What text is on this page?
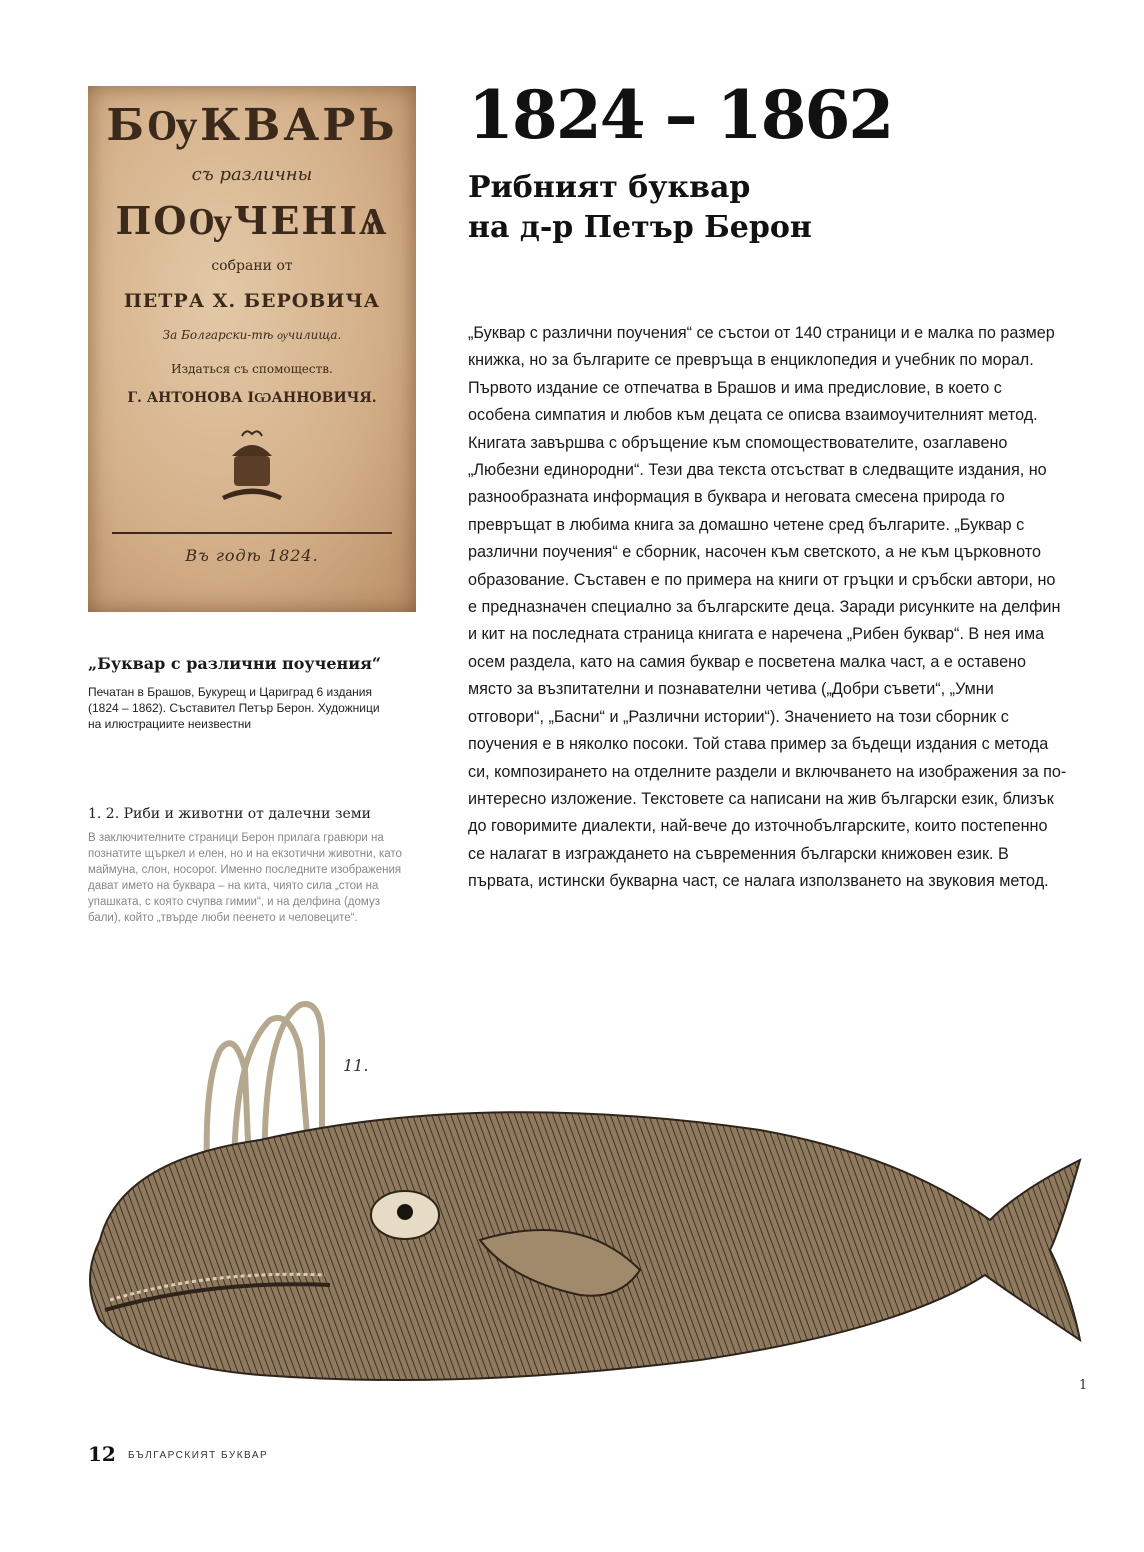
БѸКВАРЬ
съ различны
ПОѸЧЕНІѦ
собрани от
ПЕТРА Х. БЕРОВИЧА
За Болгарски-тѣ ѹчилища.
Издаться съ спомоществ.
Г. АНТОНОВА ІѠАННОВИЧЯ.
Въ годѣ 1824.
„Буквар с различни поучения“
Печатан в Брашов, Букурещ и Цариград 6 издания (1824 – 1862). Съставител Петър Берон. Художници на илюстрациите неизвестни
1. 2. Риби и животни от далечни земи
В заключителните страници Берон прилага гравюри на познатите щъркел и елен, но и на екзотични животни, като маймуна, слон, носорог. Именно последните изображения дават името на буквара – на кита, чиято сила „стои на упашката, с която счупва гимии“, и на делфина (домуз бали), който „твърде люби пеенето и человеците“.
1824 – 1862
Рибният буквар
на д-р Петър Берон
„Буквар с различни поучения“ се състои от 140 страници и е малка по размер книжка, но за българите се превръща в енциклопедия и учебник по морал. Първото издание се отпечатва в Брашов и има предисловие, в което с особена симпатия и любов към децата се описва взаимоучителният метод. Книгата завършва с обръщение към спомоществователите, озаглавено „Любезни единородни“. Тези два текста отсъстват в следващите издания, но разнообразната информация в буквара и неговата смесена природа го превръщат в любима книга за домашно четене сред българите. „Буквар с различни поучения“ е сборник, насочен към светското, а не към църковното образование. Съставен е по примера на книги от гръцки и сръбски автори, но е предназначен специално за българските деца. Заради рисунките на делфин и кит на последната страница книгата е наречена „Рибен буквар“. В нея има осем раздела, като на самия буквар е посветена малка част, а е оставено място за възпитателни и познавателни четива („Добри съвети“, „Умни отговори“, „Басни“ и „Различни истории“). Значението на този сборник с поучения е в няколко посоки. Той става пример за бъдещи издания с метода си, композирането на отделните раздели и включването на изображения за по-интересно изложение. Текстовете са написани на жив български език, близък до говоримите диалекти, най-вече до източнобългарските, които постепенно се налагат в изграждането на съвременния български книжовен език. В първата, истински букварна част, се налага използването на звуковия метод.
11.
1
12 БЪЛГАРСКИЯТ БУКВАР
